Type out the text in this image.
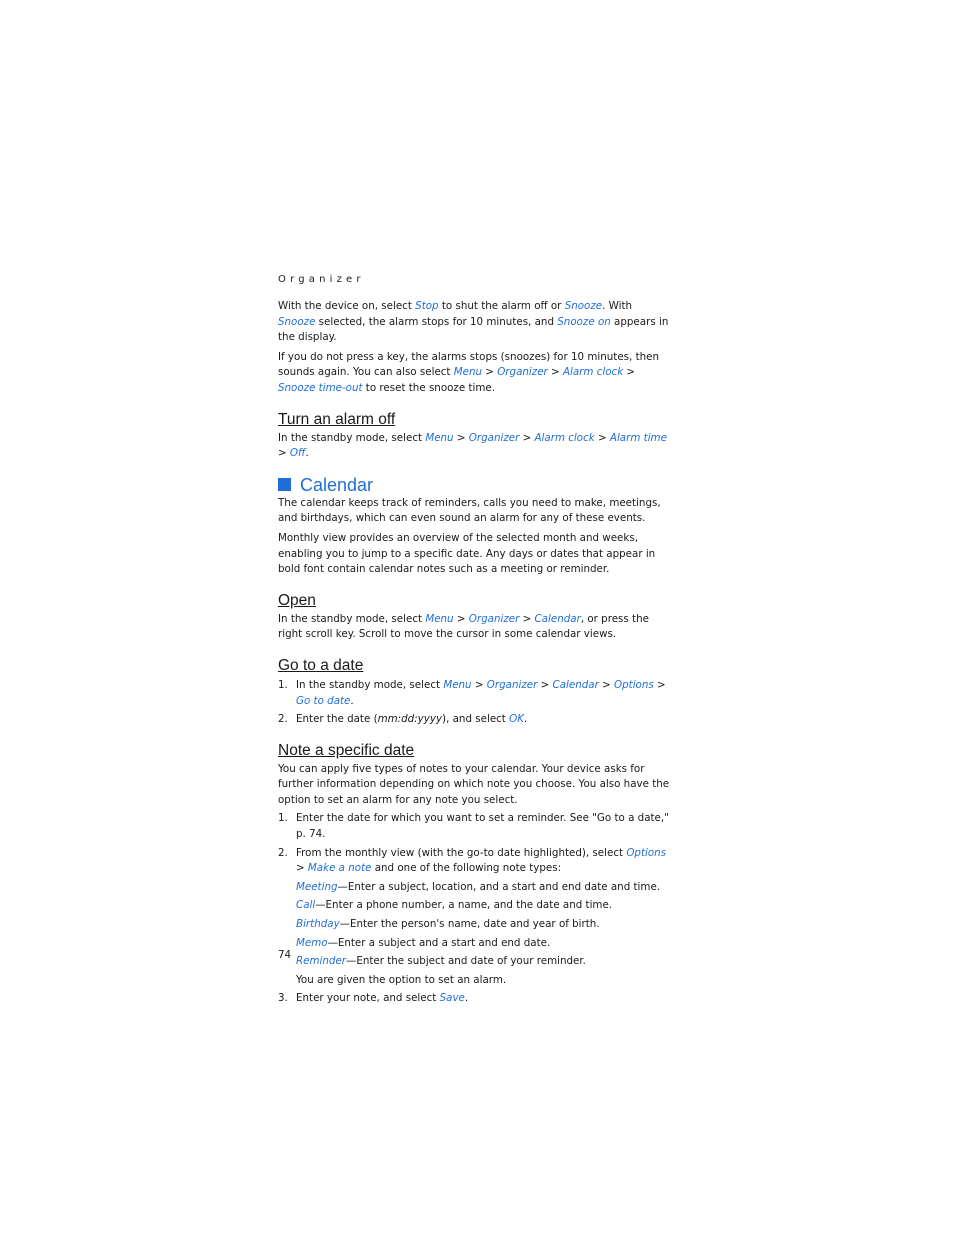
Organizer

With the device on, select Stop to shut the alarm off or Snooze. With Snooze selected, the alarm stops for 10 minutes, and Snooze on appears in the display.

If you do not press a key, the alarms stops (snoozes) for 10 minutes, then sounds again. You can also select Menu > Organizer > Alarm clock > Snooze time-out to reset the snooze time.

Turn an alarm off

In the standby mode, select Menu > Organizer > Alarm clock > Alarm time > Off.

Calendar

The calendar keeps track of reminders, calls you need to make, meetings, and birthdays, which can even sound an alarm for any of these events.

Monthly view provides an overview of the selected month and weeks, enabling you to jump to a specific date. Any days or dates that appear in bold font contain calendar notes such as a meeting or reminder.

Open

In the standby mode, select Menu > Organizer > Calendar, or press the right scroll key. Scroll to move the cursor in some calendar views.

Go to a date
1. In the standby mode, select Menu > Organizer > Calendar > Options > Go to date.
2. Enter the date (mm:dd:yyyy), and select OK.
Note a specific date

You can apply five types of notes to your calendar. Your device asks for further information depending on which note you choose. You also have the option to set an alarm for any note you select.

1. Enter the date for which you want to set a reminder. See "Go to a date," p. 74.
2. From the monthly view (with the go-to date highlighted), select Options > Make a note and one of the following note types:
Meeting—Enter a subject, location, and a start and end date and time.
Call—Enter a phone number, a name, and the date and time.
Birthday—Enter the person's name, date and year of birth.
Memo—Enter a subject and a start and end date.
Reminder—Enter the subject and date of your reminder.
You are given the option to set an alarm.
3. Enter your note, and select Save.
74
